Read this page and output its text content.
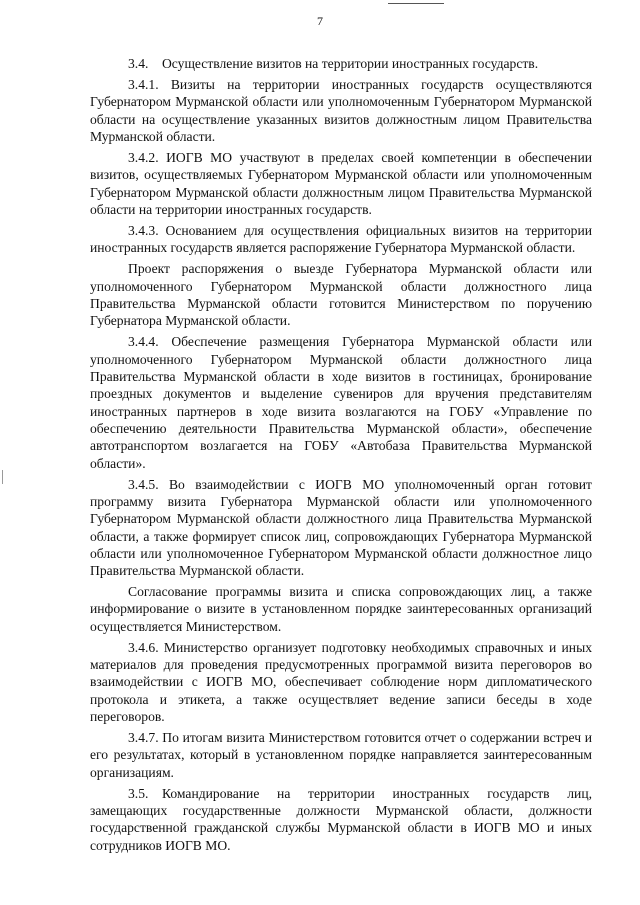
7

3.4. Осуществление визитов на территории иностранных государств.

3.4.1. Визиты на территории иностранных государств осуществляются Губернатором Мурманской области или уполномоченным Губернатором Мурманской области на осуществление указанных визитов должностным лицом Правительства Мурманской области.

3.4.2. ИОГВ МО участвуют в пределах своей компетенции в обеспечении визитов, осуществляемых Губернатором Мурманской области или уполномоченным Губернатором Мурманской области должностным лицом Правительства Мурманской области на территории иностранных государств.

3.4.3. Основанием для осуществления официальных визитов на территории иностранных государств является распоряжение Губернатора Мурманской области.

Проект распоряжения о выезде Губернатора Мурманской области или уполномоченного Губернатором Мурманской области должностного лица Правительства Мурманской области готовится Министерством по поручению Губернатора Мурманской области.

3.4.4. Обеспечение размещения Губернатора Мурманской области или уполномоченного Губернатором Мурманской области должностного лица Правительства Мурманской области в ходе визитов в гостиницах, бронирование проездных документов и выделение сувениров для вручения представителям иностранных партнеров в ходе визита возлагаются на ГОБУ «Управление по обеспечению деятельности Правительства Мурманской области», обеспечение автотранспортом возлагается на ГОБУ «Автобаза Правительства Мурманской области».

3.4.5. Во взаимодействии с ИОГВ МО уполномоченный орган готовит программу визита Губернатора Мурманской области или уполномоченного Губернатором Мурманской области должностного лица Правительства Мурманской области, а также формирует список лиц, сопровождающих Губернатора Мурманской области или уполномоченное Губернатором Мурманской области должностное лицо Правительства Мурманской области.

Согласование программы визита и списка сопровождающих лиц, а также информирование о визите в установленном порядке заинтересованных организаций осуществляется Министерством.

3.4.6. Министерство организует подготовку необходимых справочных и иных материалов для проведения предусмотренных программой визита переговоров во взаимодействии с ИОГВ МО, обеспечивает соблюдение норм дипломатического протокола и этикета, а также осуществляет ведение записи беседы в ходе переговоров.

3.4.7. По итогам визита Министерством готовится отчет о содержании встреч и его результатах, который в установленном порядке направляется заинтересованным организациям.

3.5. Командирование на территории иностранных государств лиц, замещающих государственные должности Мурманской области, должности государственной гражданской службы Мурманской области в ИОГВ МО и иных сотрудников ИОГВ МО.
